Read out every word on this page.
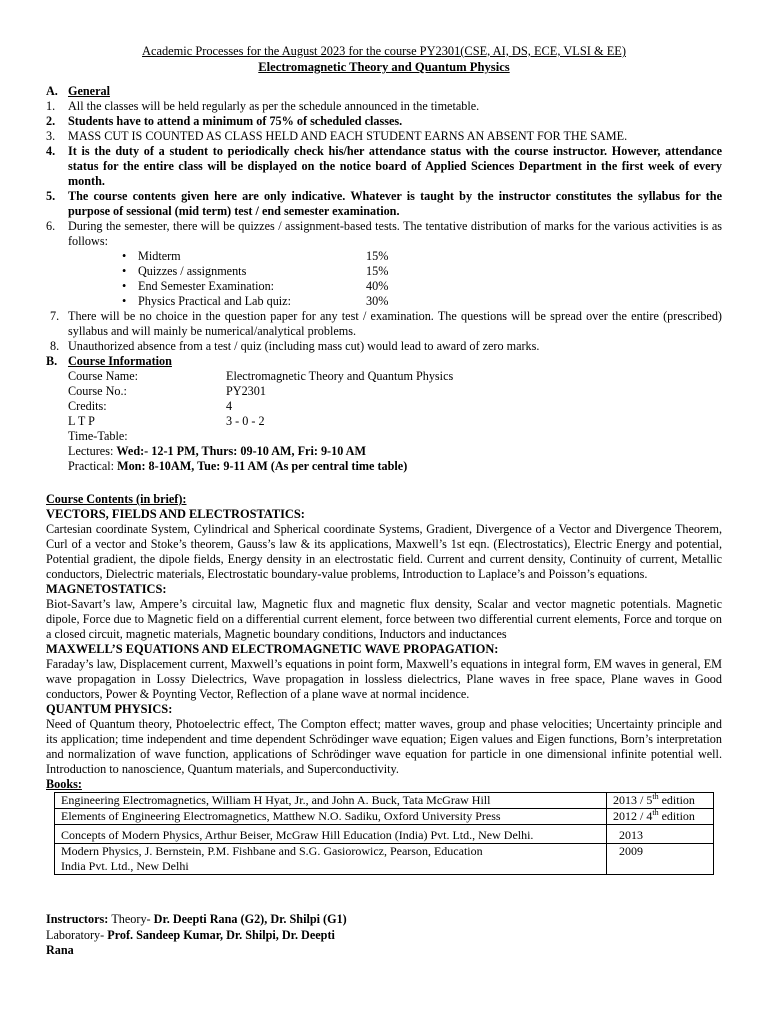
Academic Processes for the August 2023 for the course PY2301(CSE, AI, DS, ECE, VLSI & EE)
Electromagnetic Theory and Quantum Physics
A. General
1.	All the classes will be held regularly as per the schedule announced in the timetable.
2.	Students have to attend a minimum of 75% of scheduled classes.
3.	MASS CUT IS COUNTED AS CLASS HELD AND EACH STUDENT EARNS AN ABSENT FOR THE SAME.
4.	It is the duty of a student to periodically check his/her attendance status with the course instructor. However, attendance status for the entire class will be displayed on the notice board of Applied Sciences Department in the first week of every month.
5.	The course contents given here are only indicative. Whatever is taught by the instructor constitutes the syllabus for the purpose of sessional (mid term) test / end semester examination.
6.	During the semester, there will be quizzes / assignment-based tests. The tentative distribution of marks for the various activities is as follows:
• Midterm	15%
• Quizzes / assignments	15%
• End Semester Examination:	40%
• Physics Practical and Lab quiz:	30%
7. There will be no choice in the question paper for any test / examination. The questions will be spread over the entire (prescribed) syllabus and will mainly be numerical/analytical problems.
8. Unauthorized absence from a test / quiz (including mass cut) would lead to award of zero marks.
B. Course Information
Course Name:	Electromagnetic Theory and Quantum Physics
Course No.:	PY2301
Credits:	4
L T P	3 - 0 - 2
Time-Table:
Lectures:
Wed:- 12-1 PM, Thurs: 09-10 AM, Fri: 9-10 AM
Practical:
Mon: 8-10AM, Tue: 9-11 AM (As per central time table)
Course Contents (in brief):
VECTORS, FIELDS AND ELECTROSTATICS:
Cartesian coordinate System, Cylindrical and Spherical coordinate Systems, Gradient, Divergence of a Vector and Divergence Theorem, Curl of a vector and Stoke’s theorem, Gauss’s law & its applications, Maxwell’s 1st eqn. (Electrostatics), Electric Energy and potential, Potential gradient, the dipole fields, Energy density in an electrostatic field. Current and current density, Continuity of current, Metallic conductors, Dielectric materials, Electrostatic boundary-value problems, Introduction to Laplace’s and Poisson’s equations.
MAGNETOSTATICS:
Biot-Savart’s law, Ampere’s circuital law, Magnetic flux and magnetic flux density, Scalar and vector magnetic potentials. Magnetic dipole, Force due to Magnetic field on a differential current element, force between two differential current elements, Force and torque on a closed circuit, magnetic materials, Magnetic boundary conditions, Inductors and inductances
MAXWELL’S EQUATIONS AND ELECTROMAGNETIC WAVE PROPAGATION:
Faraday’s law, Displacement current, Maxwell’s equations in point form, Maxwell’s equations in integral form, EM waves in general, EM wave propagation in Lossy Dielectrics, Wave propagation in lossless dielectrics, Plane waves in free space, Plane waves in Good conductors, Power & Poynting Vector, Reflection of a plane wave at normal incidence.
QUANTUM PHYSICS:
Need of Quantum theory, Photoelectric effect, The Compton effect; matter waves, group and phase velocities; Uncertainty principle and its application; time independent and time dependent Schrödinger wave equation; Eigen values and Eigen functions, Born’s interpretation and normalization of wave function, applications of Schrödinger wave equation for particle in one dimensional infinite potential well. Introduction to nanoscience, Quantum materials, and Superconductivity.
Books:
Engineering Electromagnetics, William H Hyat, Jr., and John A. Buck, Tata McGraw Hill	2013 / 5th edition
Elements of Engineering Electromagnetics, Matthew N.O. Sadiku, Oxford University Press	2012 / 4th edition
Concepts of Modern Physics, Arthur Beiser, McGraw Hill Education (India) Pvt. Ltd., New Delhi.	2013
Modern Physics, J. Bernstein, P.M. Fishbane and S.G. Gasiorowicz, Pearson, Education India Pvt. Ltd., New Delhi	2009
Instructors: Theory- Dr. Deepti Rana (G2), Dr. Shilpi (G1)
Laboratory- Prof. Sandeep Kumar, Dr. Shilpi, Dr. Deepti
Rana
